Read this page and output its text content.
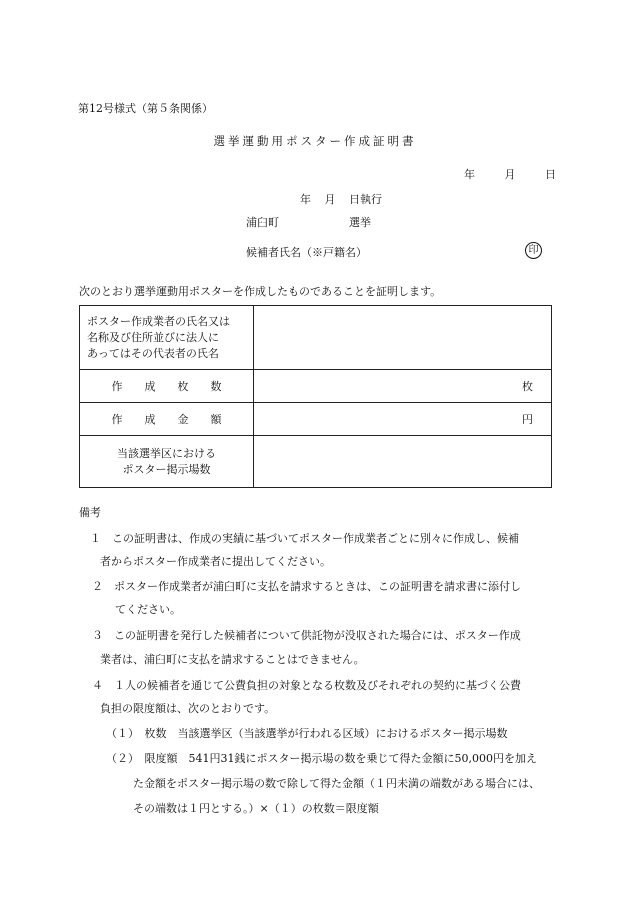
第12号様式（第５条関係）
選挙運動用ポスター作成証明書
年	月	日
年 月 日執行
浦臼町	選挙
候補者氏名（※戸籍名）	印
次のとおり選挙運動用ポスターを作成したものであることを証明します。
ポスター作成業者の氏名又は
名称及び住所並びに法人に
あってはその代表者の氏名	

作　　成　　枚　　数	枚
作　　成　　金　　額	円

当該選挙区における
ポスター掲示場数	

備考
１　この証明書は、作成の実績に基づいてポスター作成業者ごとに別々に作成し、候補
者からポスター作成業者に提出してください。
２　ポスター作成業者が浦臼町に支払を請求するときは、この証明書を請求書に添付し
てください。
３　この証明書を発行した候補者について供託物が没収された場合には、ポスター作成
業者は、浦臼町に支払を請求することはできません。
４　１人の候補者を通じて公費負担の対象となる枚数及びそれぞれの契約に基づく公費
負担の限度額は、次のとおりです。
（１）　枚数　当該選挙区（当該選挙が行われる区域）におけるポスター掲示場数
（２）　限度額　541円31銭にポスター掲示場の数を乗じて得た金額に50,000円を加え
た金額をポスター掲示場の数で除して得た金額（１円未満の端数がある場合には、
その端数は１円とする。）×（１）の枚数＝限度額
